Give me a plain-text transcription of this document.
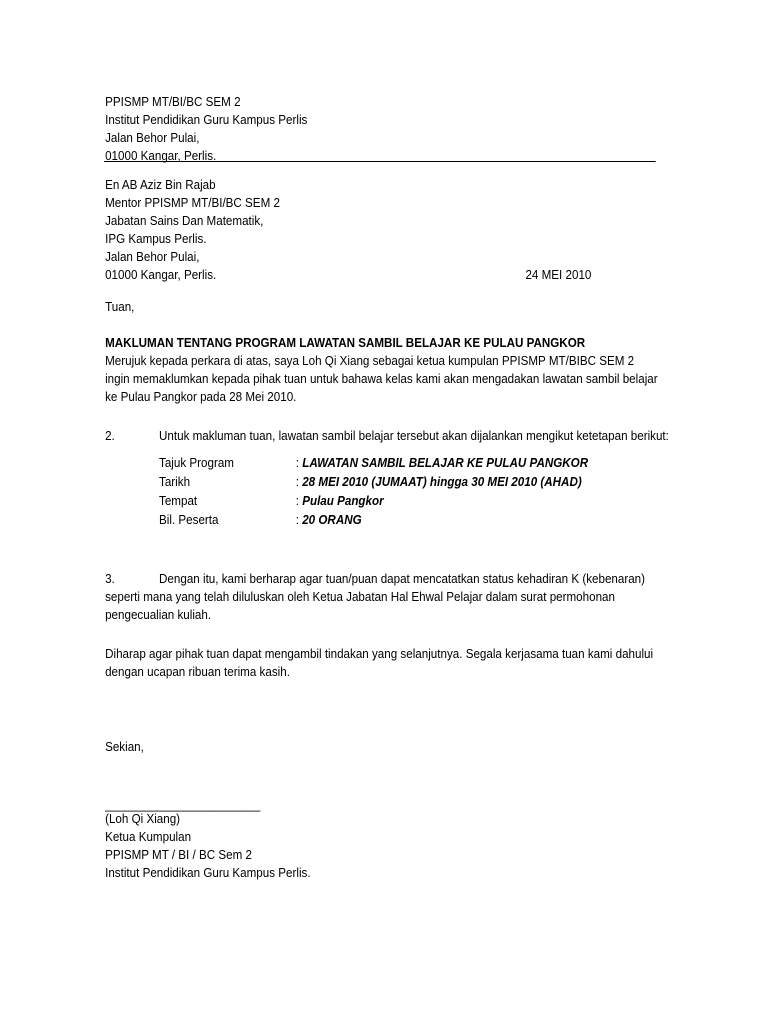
PPISMP MT/BI/BC SEM 2
Institut Pendidikan Guru Kampus Perlis
Jalan Behor Pulai,
01000 Kangar, Perlis.
En AB Aziz Bin Rajab
Mentor PPISMP MT/BI/BC SEM 2
Jabatan Sains Dan Matematik,
IPG Kampus Perlis.
Jalan Behor Pulai,
01000 Kangar, Perlis.	24 MEI 2010
Tuan,
MAKLUMAN TENTANG PROGRAM LAWATAN SAMBIL BELAJAR KE PULAU PANGKOR
Merujuk kepada perkara di atas, saya Loh Qi Xiang sebagai ketua kumpulan PPISMP MT/BIBC SEM 2
ingin memaklumkan kepada pihak tuan untuk bahawa kelas kami akan mengadakan lawatan sambil belajar
ke Pulau Pangkor pada 28 Mei 2010.
2.	Untuk makluman tuan, lawatan sambil belajar tersebut akan dijalankan mengikut ketetapan berikut:
Tajuk Program	: LAWATAN SAMBIL BELAJAR KE PULAU PANGKOR
Tarikh	: 28 MEI 2010 (JUMAAT) hingga 30 MEI 2010 (AHAD)
Tempat	: Pulau Pangkor
Bil. Peserta	: 20 ORANG
3.	Dengan itu, kami berharap agar tuan/puan dapat mencatatkan status kehadiran K (kebenaran)
seperti mana yang telah diluluskan oleh Ketua Jabatan Hal Ehwal Pelajar dalam surat permohonan
pengecualian kuliah.
Diharap agar pihak tuan dapat mengambil tindakan yang selanjutnya. Segala kerjasama tuan kami dahului
dengan ucapan ribuan terima kasih.
Sekian,
________________________
(Loh Qi Xiang)
Ketua Kumpulan
PPISMP MT / BI / BC Sem 2
Institut Pendidikan Guru Kampus Perlis.
